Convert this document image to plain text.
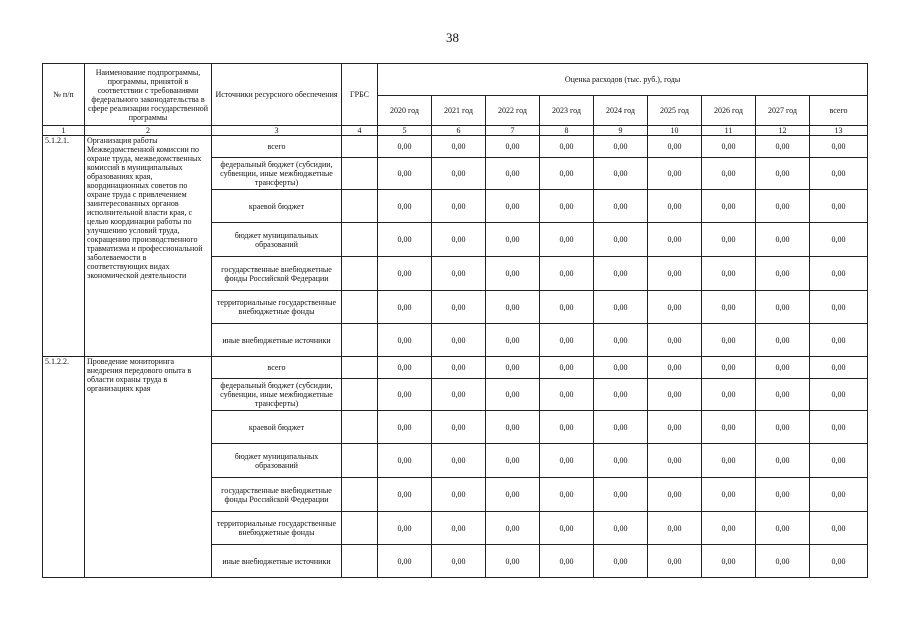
38
№ п/п	Наименование подпрограммы, программы, принятой в соответствии с требованиями федерального законодательства в сфере реализации государственной программы	Источники ресурсного обеспечения	ГРБС	Оценка расходов (тыс. руб.), годы								
				2020 год	2021 год	2022 год	2023 год	2024 год	2025 год	2026 год	2027 год	всего
1	2	3	4	5	6	7	8	9	10	11	12	13
5.1.2.1.	Организация работы Межведомственной комиссии по охране труда, межведомственных комиссий в муниципальных образованиях края, координационных советов по охране труда с привлечением заинтересованных органов исполнительной власти края, с целью координации работы по улучшению условий труда, сокращению производственного травматизма и профессиональной заболеваемости в соответствующих видах экономической деятельности	всего		0,00	0,00	0,00	0,00	0,00	0,00	0,00	0,00	0,00
		федеральный бюджет (субсидии, субвенции, иные межбюджетные трансферты)		0,00	0,00	0,00	0,00	0,00	0,00	0,00	0,00	0,00
		краевой бюджет		0,00	0,00	0,00	0,00	0,00	0,00	0,00	0,00	0,00
		бюджет муниципальных образований		0,00	0,00	0,00	0,00	0,00	0,00	0,00	0,00	0,00
		государственные внебюджетные фонды Российской Федерации		0,00	0,00	0,00	0,00	0,00	0,00	0,00	0,00	0,00
		территориальные государственные внебюджетные фонды		0,00	0,00	0,00	0,00	0,00	0,00	0,00	0,00	0,00
		иные внебюджетные источники		0,00	0,00	0,00	0,00	0,00	0,00	0,00	0,00	0,00
5.1.2.2.	Проведение мониторинга внедрения передового опыта в области охраны труда в организациях края	всего		0,00	0,00	0,00	0,00	0,00	0,00	0,00	0,00	0,00
		федеральный бюджет (субсидии, субвенции, иные межбюджетные трансферты)		0,00	0,00	0,00	0,00	0,00	0,00	0,00	0,00	0,00
		краевой бюджет		0,00	0,00	0,00	0,00	0,00	0,00	0,00	0,00	0,00
		бюджет муниципальных образований		0,00	0,00	0,00	0,00	0,00	0,00	0,00	0,00	0,00
		государственные внебюджетные фонды Российской Федерации		0,00	0,00	0,00	0,00	0,00	0,00	0,00	0,00	0,00
		территориальные государственные внебюджетные фонды		0,00	0,00	0,00	0,00	0,00	0,00	0,00	0,00	0,00
		иные внебюджетные источники		0,00	0,00	0,00	0,00	0,00	0,00	0,00	0,00	0,00
